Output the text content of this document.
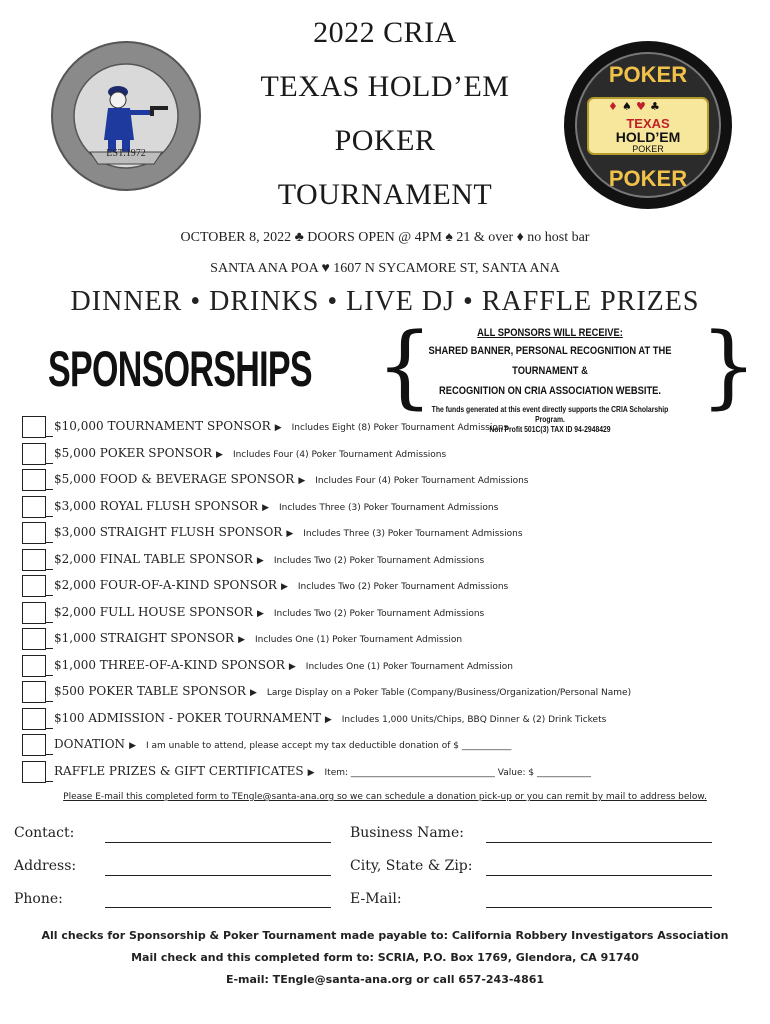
EST.1972
♦ ♠ ♥ ♣
POKER
TEXAS
HOLD’EM
POKER
POKER
2022 CRIA
TEXAS HOLD’EM
POKER
TOURNAMENT
OCTOBER 8, 2022 ♣ DOORS OPEN @ 4PM ♠ 21 & over ♦ no host bar
SANTA ANA POA ♥ 1607 N SYCAMORE ST, SANTA ANA
DINNER • DRINKS • LIVE DJ • RAFFLE PRIZES
SPONSORSHIPS {	}
ALL SPONSORS WILL RECEIVE:
SHARED BANNER, PERSONAL RECOGNITION AT THE TOURNAMENT &
RECOGNITION ON CRIA ASSOCIATION WEBSITE.
The funds generated at this event directly supports the CRIA Scholarship Program.
Non Profit 501C(3) TAX ID 94-2948429
$10,000 TOURNAMENT SPONSOR ▶ Includes Eight (8) Poker Tournament Admissions
$5,000 POKER SPONSOR ▶ Includes Four (4) Poker Tournament Admissions
$5,000 FOOD & BEVERAGE SPONSOR ▶ Includes Four (4) Poker Tournament Admissions
$3,000 ROYAL FLUSH SPONSOR ▶ Includes Three (3) Poker Tournament Admissions
$3,000 STRAIGHT FLUSH SPONSOR ▶ Includes Three (3) Poker Tournament Admissions
$2,000 FINAL TABLE SPONSOR ▶ Includes Two (2) Poker Tournament Admissions
$2,000 FOUR-OF-A-KIND SPONSOR ▶ Includes Two (2) Poker Tournament Admissions
$2,000 FULL HOUSE SPONSOR ▶ Includes Two (2) Poker Tournament Admissions
$1,000 STRAIGHT SPONSOR ▶ Includes One (1) Poker Tournament Admission
$1,000 THREE-OF-A-KIND SPONSOR ▶ Includes One (1) Poker Tournament Admission
$500 POKER TABLE SPONSOR ▶ Large Display on a Poker Table (Company/Business/Organization/Personal Name)
$100 ADMISSION - POKER TOURNAMENT ▶ Includes 1,000 Units/Chips, BBQ Dinner & (2) Drink Tickets
DONATION ▶ I am unable to attend, please accept my tax deductible donation of $ ___________
RAFFLE PRIZES & GIFT CERTIFICATES ▶ Item: ________________________________ Value: $ ____________
Please E-mail this completed form to TEngle@santa-ana.org so we can schedule a donation pick-up or you can remit by mail to address below.
Contact:	Business Name:
Address:	City, State & Zip:
Phone:	E-Mail:
All checks for Sponsorship & Poker Tournament made payable to: California Robbery Investigators Association
Mail check and this completed form to: SCRIA, P.O. Box 1769, Glendora, CA 91740
E-mail: TEngle@santa-ana.org or call 657-243-4861
